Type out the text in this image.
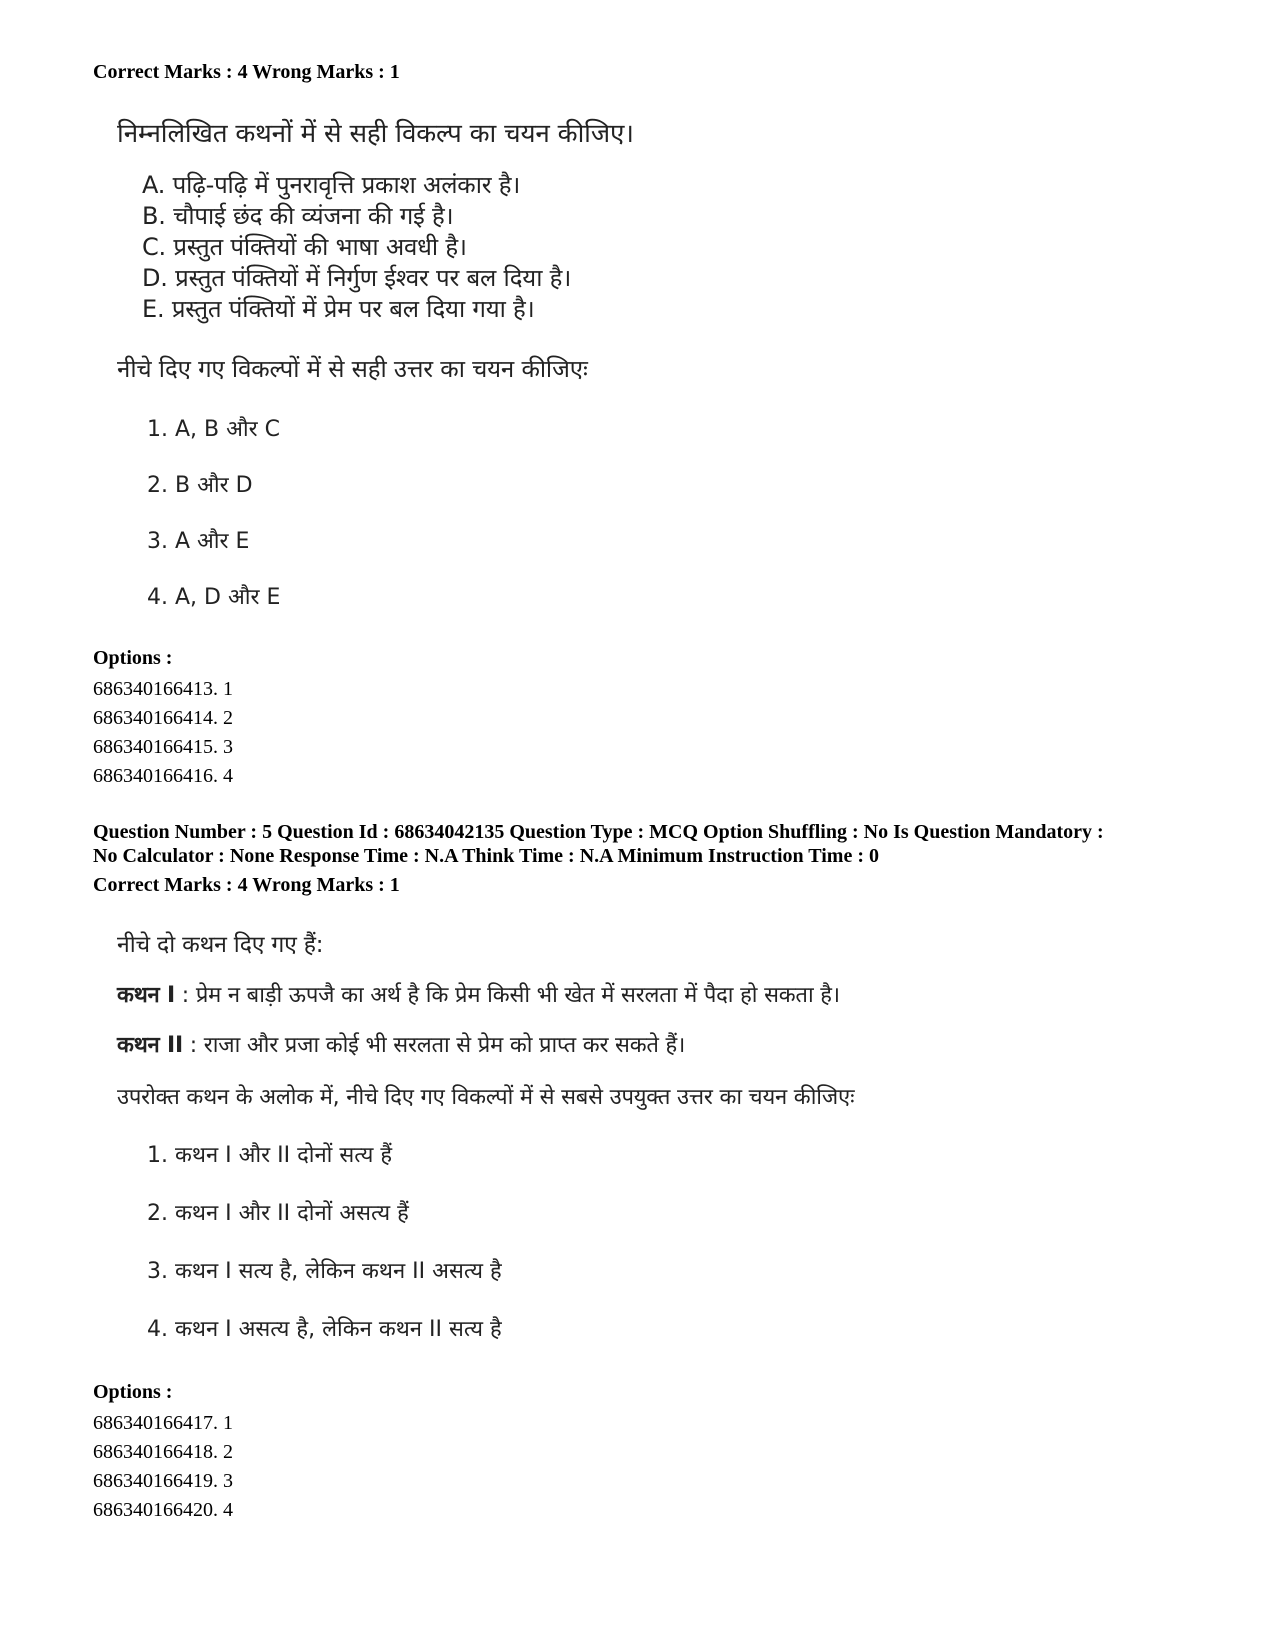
Correct Marks : 4 Wrong Marks : 1
निम्नलिखित कथनों में से सही विकल्प का चयन कीजिए।
A. पढ़ि-पढ़ि में पुनरावृत्ति प्रकाश अलंकार है।
B. चौपाई छंद की व्यंजना की गई है।
C. प्रस्तुत पंक्तियों की भाषा अवधी है।
D. प्रस्तुत पंक्तियों में निर्गुण ईश्वर पर बल दिया है।
E. प्रस्तुत पंक्तियों में प्रेम पर बल दिया गया है।
नीचे दिए गए विकल्पों में से सही उत्तर का चयन कीजिएः
1. A, B और C
2. B और D
3. A और E
4. A, D और E
Options :
686340166413. 1
686340166414. 2
686340166415. 3
686340166416. 4
Question Number : 5 Question Id : 68634042135 Question Type : MCQ Option Shuffling : No Is Question Mandatory :
No Calculator : None Response Time : N.A Think Time : N.A Minimum Instruction Time : 0
Correct Marks : 4 Wrong Marks : 1
नीचे दो कथन दिए गए हैं:
कथन I : प्रेम न बाड़ी ऊपजै का अर्थ है कि प्रेम किसी भी खेत में सरलता में पैदा हो सकता है।
कथन II : राजा और प्रजा कोई भी सरलता से प्रेम को प्राप्त कर सकते हैं।
उपरोक्त कथन के अलोक में, नीचे दिए गए विकल्पों में से सबसे उपयुक्त उत्तर का चयन कीजिएः
1. कथन I और II दोनों सत्य हैं
2. कथन I और II दोनों असत्य हैं
3. कथन I सत्य है, लेकिन कथन II असत्य है
4. कथन I असत्य है, लेकिन कथन II सत्य है
Options :
686340166417. 1
686340166418. 2
686340166419. 3
686340166420. 4
